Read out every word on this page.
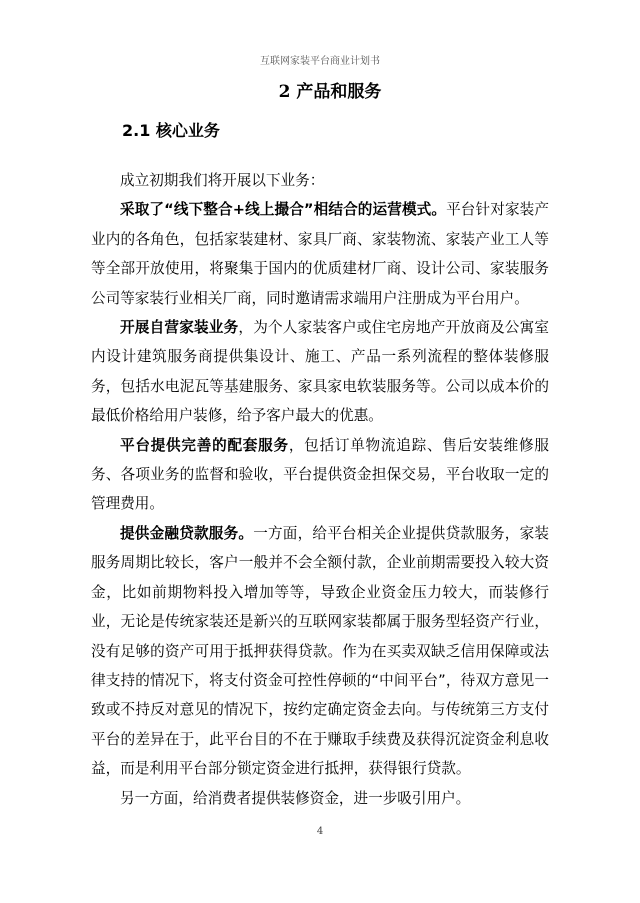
互联网家装平台商业计划书
2 产品和服务
2.1 核心业务

成立初期我们将开展以下业务：

采取了“线下整合+线上撮合”相结合的运营模式。平台针对家装产业内的各角色，包括家装建材、家具厂商、家装物流、家装产业工人等等全部开放使用，将聚集于国内的优质建材厂商、设计公司、家装服务公司等家装行业相关厂商，同时邀请需求端用户注册成为平台用户。

开展自营家装业务，为个人家装客户或住宅房地产开放商及公寓室内设计建筑服务商提供集设计、施工、产品一系列流程的整体装修服务，包括水电泥瓦等基建服务、家具家电软装服务等。公司以成本价的最低价格给用户装修，给予客户最大的优惠。

平台提供完善的配套服务，包括订单物流追踪、售后安装维修服务、各项业务的监督和验收，平台提供资金担保交易，平台收取一定的管理费用。

提供金融贷款服务。一方面，给平台相关企业提供贷款服务，家装服务周期比较长，客户一般并不会全额付款，企业前期需要投入较大资金，比如前期物料投入增加等等，导致企业资金压力较大，而装修行业，无论是传统家装还是新兴的互联网家装都属于服务型轻资产行业，没有足够的资产可用于抵押获得贷款。作为在买卖双缺乏信用保障或法律支持的情况下，将支付资金可控性停顿的“中间平台”，待双方意见一致或不持反对意见的情况下，按约定确定资金去向。与传统第三方支付平台的差异在于，此平台目的不在于赚取手续费及获得沉淀资金利息收益，而是利用平台部分锁定资金进行抵押，获得银行贷款。

另一方面，给消费者提供装修资金，进一步吸引用户。

4
